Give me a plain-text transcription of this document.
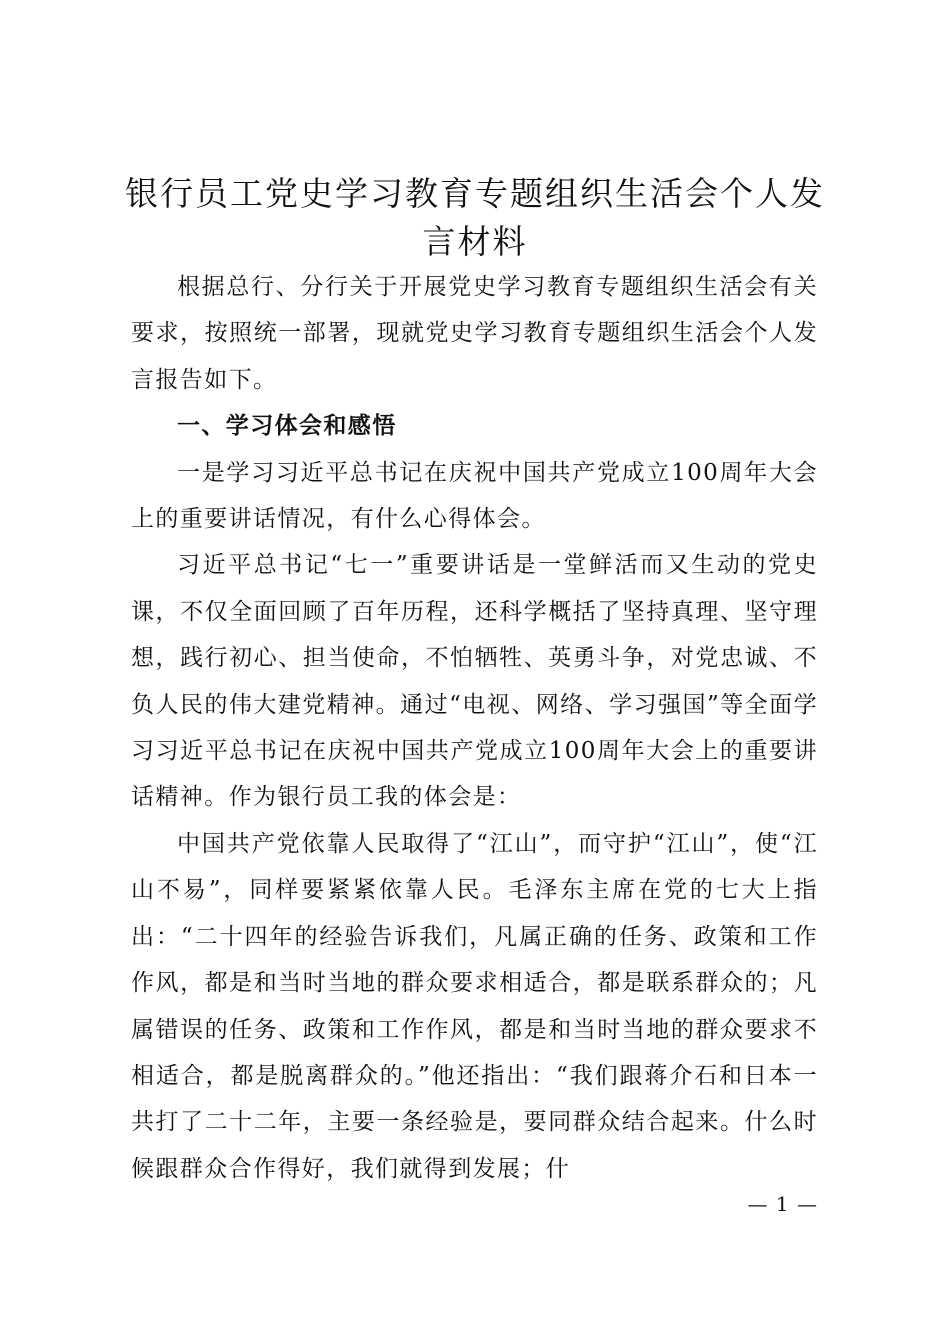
银行员工党史学习教育专题组织生活会个人发言材料

根据总行、分行关于开展党史学习教育专题组织生活会有关要求，按照统一部署，现就党史学习教育专题组织生活会个人发言报告如下。

一、学习体会和感悟

一是学习习近平总书记在庆祝中国共产党成立100周年大会上的重要讲话情况，有什么心得体会。

习近平总书记“七一”重要讲话是一堂鲜活而又生动的党史课，不仅全面回顾了百年历程，还科学概括了坚持真理、坚守理想，践行初心、担当使命，不怕牺牲、英勇斗争，对党忠诚、不负人民的伟大建党精神。通过“电视、网络、学习强国”等全面学习习近平总书记在庆祝中国共产党成立100周年大会上的重要讲话精神。作为银行员工我的体会是：

中国共产党依靠人民取得了“江山”，而守护“江山”，使“江山不易”，同样要紧紧依靠人民。毛泽东主席在党的七大上指出：“二十四年的经验告诉我们，凡属正确的任务、政策和工作作风，都是和当时当地的群众要求相适合，都是联系群众的；凡属错误的任务、政策和工作作风，都是和当时当地的群众要求不相适合，都是脱离群众的。”他还指出：“我们跟蒋介石和日本一共打了二十二年，主要一条经验是，要同群众结合起来。什么时候跟群众合作得好，我们就得到发展；什

— 1 —
